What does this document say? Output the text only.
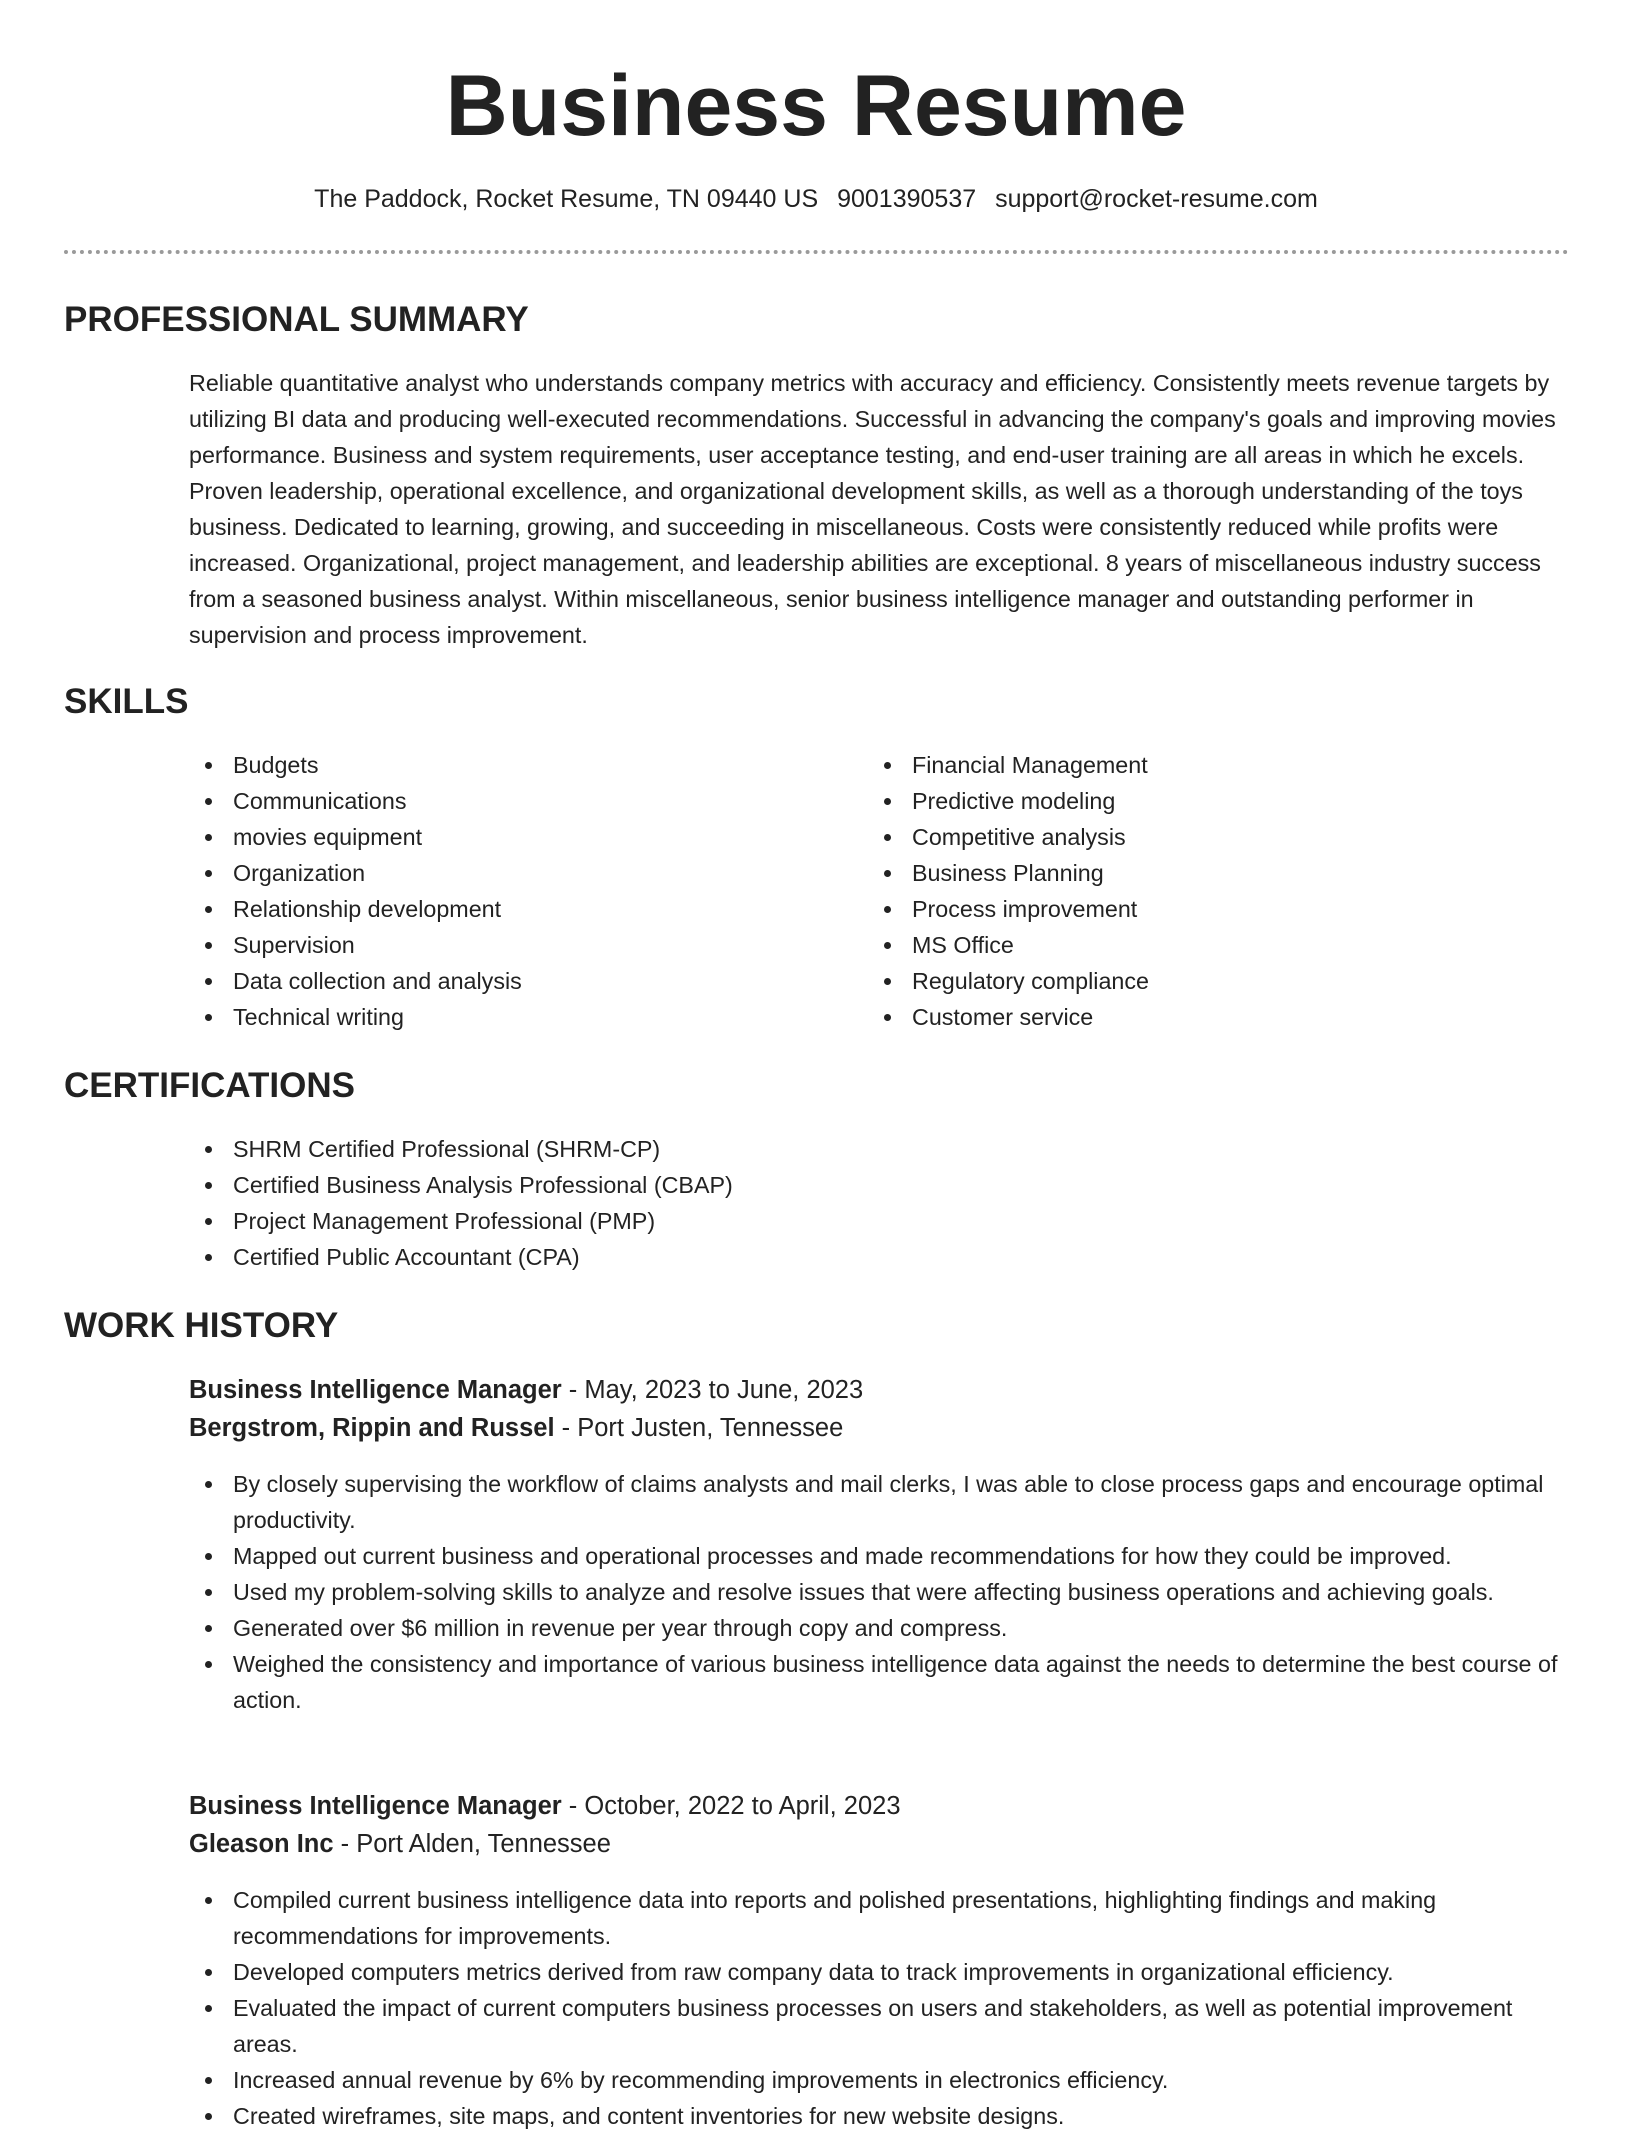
Business Resume
The Paddock, Rocket Resume, TN 09440 US 9001390537 support@rocket-resume.com
PROFESSIONAL SUMMARY

Reliable quantitative analyst who understands company metrics with accuracy and efficiency. Consistently meets revenue targets by utilizing BI data and producing well-executed recommendations. Successful in advancing the company's goals and improving movies performance. Business and system requirements, user acceptance testing, and end-user training are all areas in which he excels. Proven leadership, operational excellence, and organizational development skills, as well as a thorough understanding of the toys business. Dedicated to learning, growing, and succeeding in miscellaneous. Costs were consistently reduced while profits were increased. Organizational, project management, and leadership abilities are exceptional. 8 years of miscellaneous industry success from a seasoned business analyst. Within miscellaneous, senior business intelligence manager and outstanding performer in supervision and process improvement.

SKILLS
Budgets
Communications
movies equipment
Organization
Relationship development
Supervision
Data collection and analysis
Technical writing
Financial Management
Predictive modeling
Competitive analysis
Business Planning
Process improvement
MS Office
Regulatory compliance
Customer service
CERTIFICATIONS
SHRM Certified Professional (SHRM-CP)
Certified Business Analysis Professional (CBAP)
Project Management Professional (PMP)
Certified Public Accountant (CPA)
WORK HISTORY
Business Intelligence Manager - May, 2023 to June, 2023
Bergstrom, Rippin and Russel - Port Justen, Tennessee
By closely supervising the workflow of claims analysts and mail clerks, I was able to close process gaps and encourage optimal productivity.
Mapped out current business and operational processes and made recommendations for how they could be improved.
Used my problem-solving skills to analyze and resolve issues that were affecting business operations and achieving goals.
Generated over $6 million in revenue per year through copy and compress.
Weighed the consistency and importance of various business intelligence data against the needs to determine the best course of action.
Business Intelligence Manager - October, 2022 to April, 2023
Gleason Inc - Port Alden, Tennessee
Compiled current business intelligence data into reports and polished presentations, highlighting findings and making recommendations for improvements.
Developed computers metrics derived from raw company data to track improvements in organizational efficiency.
Evaluated the impact of current computers business processes on users and stakeholders, as well as potential improvement areas.
Increased annual revenue by 6% by recommending improvements in electronics efficiency.
Created wireframes, site maps, and content inventories for new website designs.
